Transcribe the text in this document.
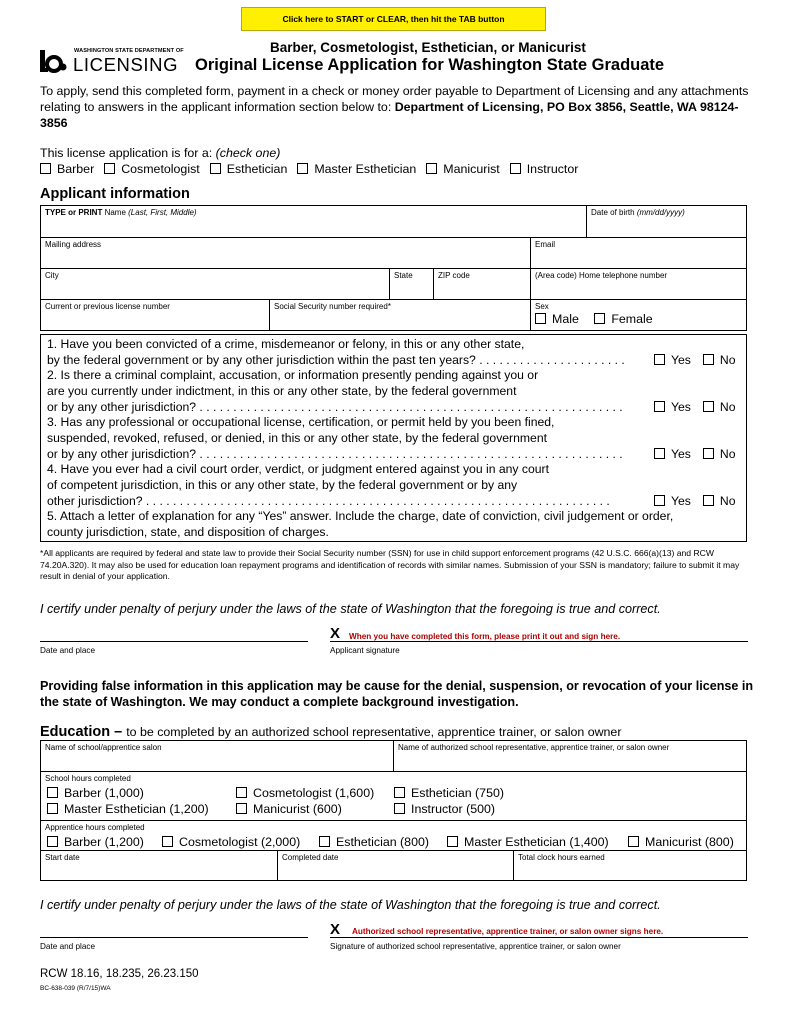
Click here to START or CLEAR, then hit the TAB button
WASHINGTON STATE DEPARTMENT OF
LICENSING
Barber, Cosmetologist, Esthetician, or Manicurist
Original License Application for Washington State Graduate
To apply, send this completed form, payment in a check or money order payable to Department of Licensing and any attachments relating to answers in the applicant information section below to: Department of Licensing, PO Box 3856, Seattle, WA 98124-3856
This license application is for a: (check one)
Barber Cosmetologist Esthetician Master Esthetician Manicurist Instructor
Applicant information
TYPE or PRINT Name (Last, First, Middle)	Date of birth (mm/dd/yyyy)
Mailing address	Email
City	State	ZIP code	(Area code) Home telephone number
Current or previous license number	Social Security number required*	Sex
Male	Female
1. Have you been convicted of a crime, misdemeanor or felony, in this or any other state,
by the federal government or by any other jurisdiction within the past ten years? . . . . . . . . . . . . . . . . . . . . . .	Yes No
2. Is there a criminal complaint, accusation, or information presently pending against you or
are you currently under indictment, in this or any other state, by the federal government
or by any other jurisdiction? . . . . . . . . . . . . . . . . . . . . . . . . . . . . . . . . . . . . . . . . . . . . . . . . . . . . . . . . . . . . . . .	Yes No
3. Has any professional or occupational license, certification, or permit held by you been fined,
suspended, revoked, refused, or denied, in this or any other state, by the federal government
or by any other jurisdiction? . . . . . . . . . . . . . . . . . . . . . . . . . . . . . . . . . . . . . . . . . . . . . . . . . . . . . . . . . . . . . . .	Yes No
4. Have you ever had a civil court order, verdict, or judgment entered against you in any court
of competent jurisdiction, in this or any other state, by the federal government or by any
other jurisdiction? . . . . . . . . . . . . . . . . . . . . . . . . . . . . . . . . . . . . . . . . . . . . . . . . . . . . . . . . . . . . . . . . . . . . .	Yes No
5. Attach a letter of explanation for any “Yes” answer. Include the charge, date of conviction, civil judgement or order,
county jurisdiction, state, and disposition of charges.
*All applicants are required by federal and state law to provide their Social Security number (SSN) for use in child support enforcement programs (42 U.S.C. 666(a)(13) and RCW 74.20A.320). It may also be used for education loan repayment programs and identification of records with similar names. Submission of your SSN is mandatory; failure to submit it may result in denial of your application.
I certify under penalty of perjury under the laws of the state of Washington that the foregoing is true and correct.
Date and place
X When you have completed this form, please print it out and sign here.
Applicant signature
Providing false information in this application may be cause for the denial, suspension, or revocation of your license in the state of Washington. We may conduct a complete background investigation.
Education – to be completed by an authorized school representative, apprentice trainer, or salon owner
Name of school/apprentice salon	Name of authorized school representative, apprentice trainer, or salon owner
School hours completed
Apprentice hours completed
Start date	Completed date	Total clock hours earned
Barber (1,000)
Master Esthetician (1,200)
Cosmetologist (1,600)
Manicurist (600)
Esthetician (750)
Instructor (500)
Barber (1,200)	Cosmetologist (2,000)	Esthetician (800)	Master Esthetician (1,400)	Manicurist (800)
I certify under penalty of perjury under the laws of the state of Washington that the foregoing is true and correct.
Date and place
X Authorized school representative, apprentice trainer, or salon owner signs here.
Signature of authorized school representative, apprentice trainer, or salon owner
RCW 18.16, 18.235, 26.23.150
BC-638-039 (R/7/15)WA
